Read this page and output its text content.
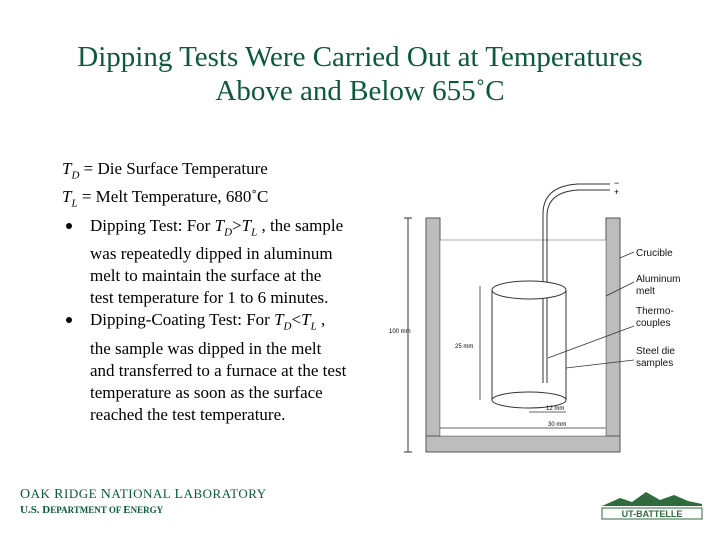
Dipping Tests Were Carried Out at Temperatures
Above and Below 655˚C
$T_D$ = Die Surface Temperature
$T_L$ = Melt Temperature, 680˚C
Dipping Test: For $T_D>T_L$ , the sample
was repeatedly dipped in aluminum
melt to maintain the surface at the
test temperature for 1 to 6 minutes.
Dipping-Coating Test: For $T_D<T_L$ ,
the sample was dipped in the melt
and transferred to a furnace at the test
temperature as soon as the surface
reached the test temperature.
100 mm
−
+
25 mm
12 mm
30 mm
Crucible
Aluminum
melt
Thermo-
couples
Steel die
samples
OAK RIDGE NATIONAL LABORATORY
U.S. DEPARTMENT OF ENERGY	UT-BATTELLE
